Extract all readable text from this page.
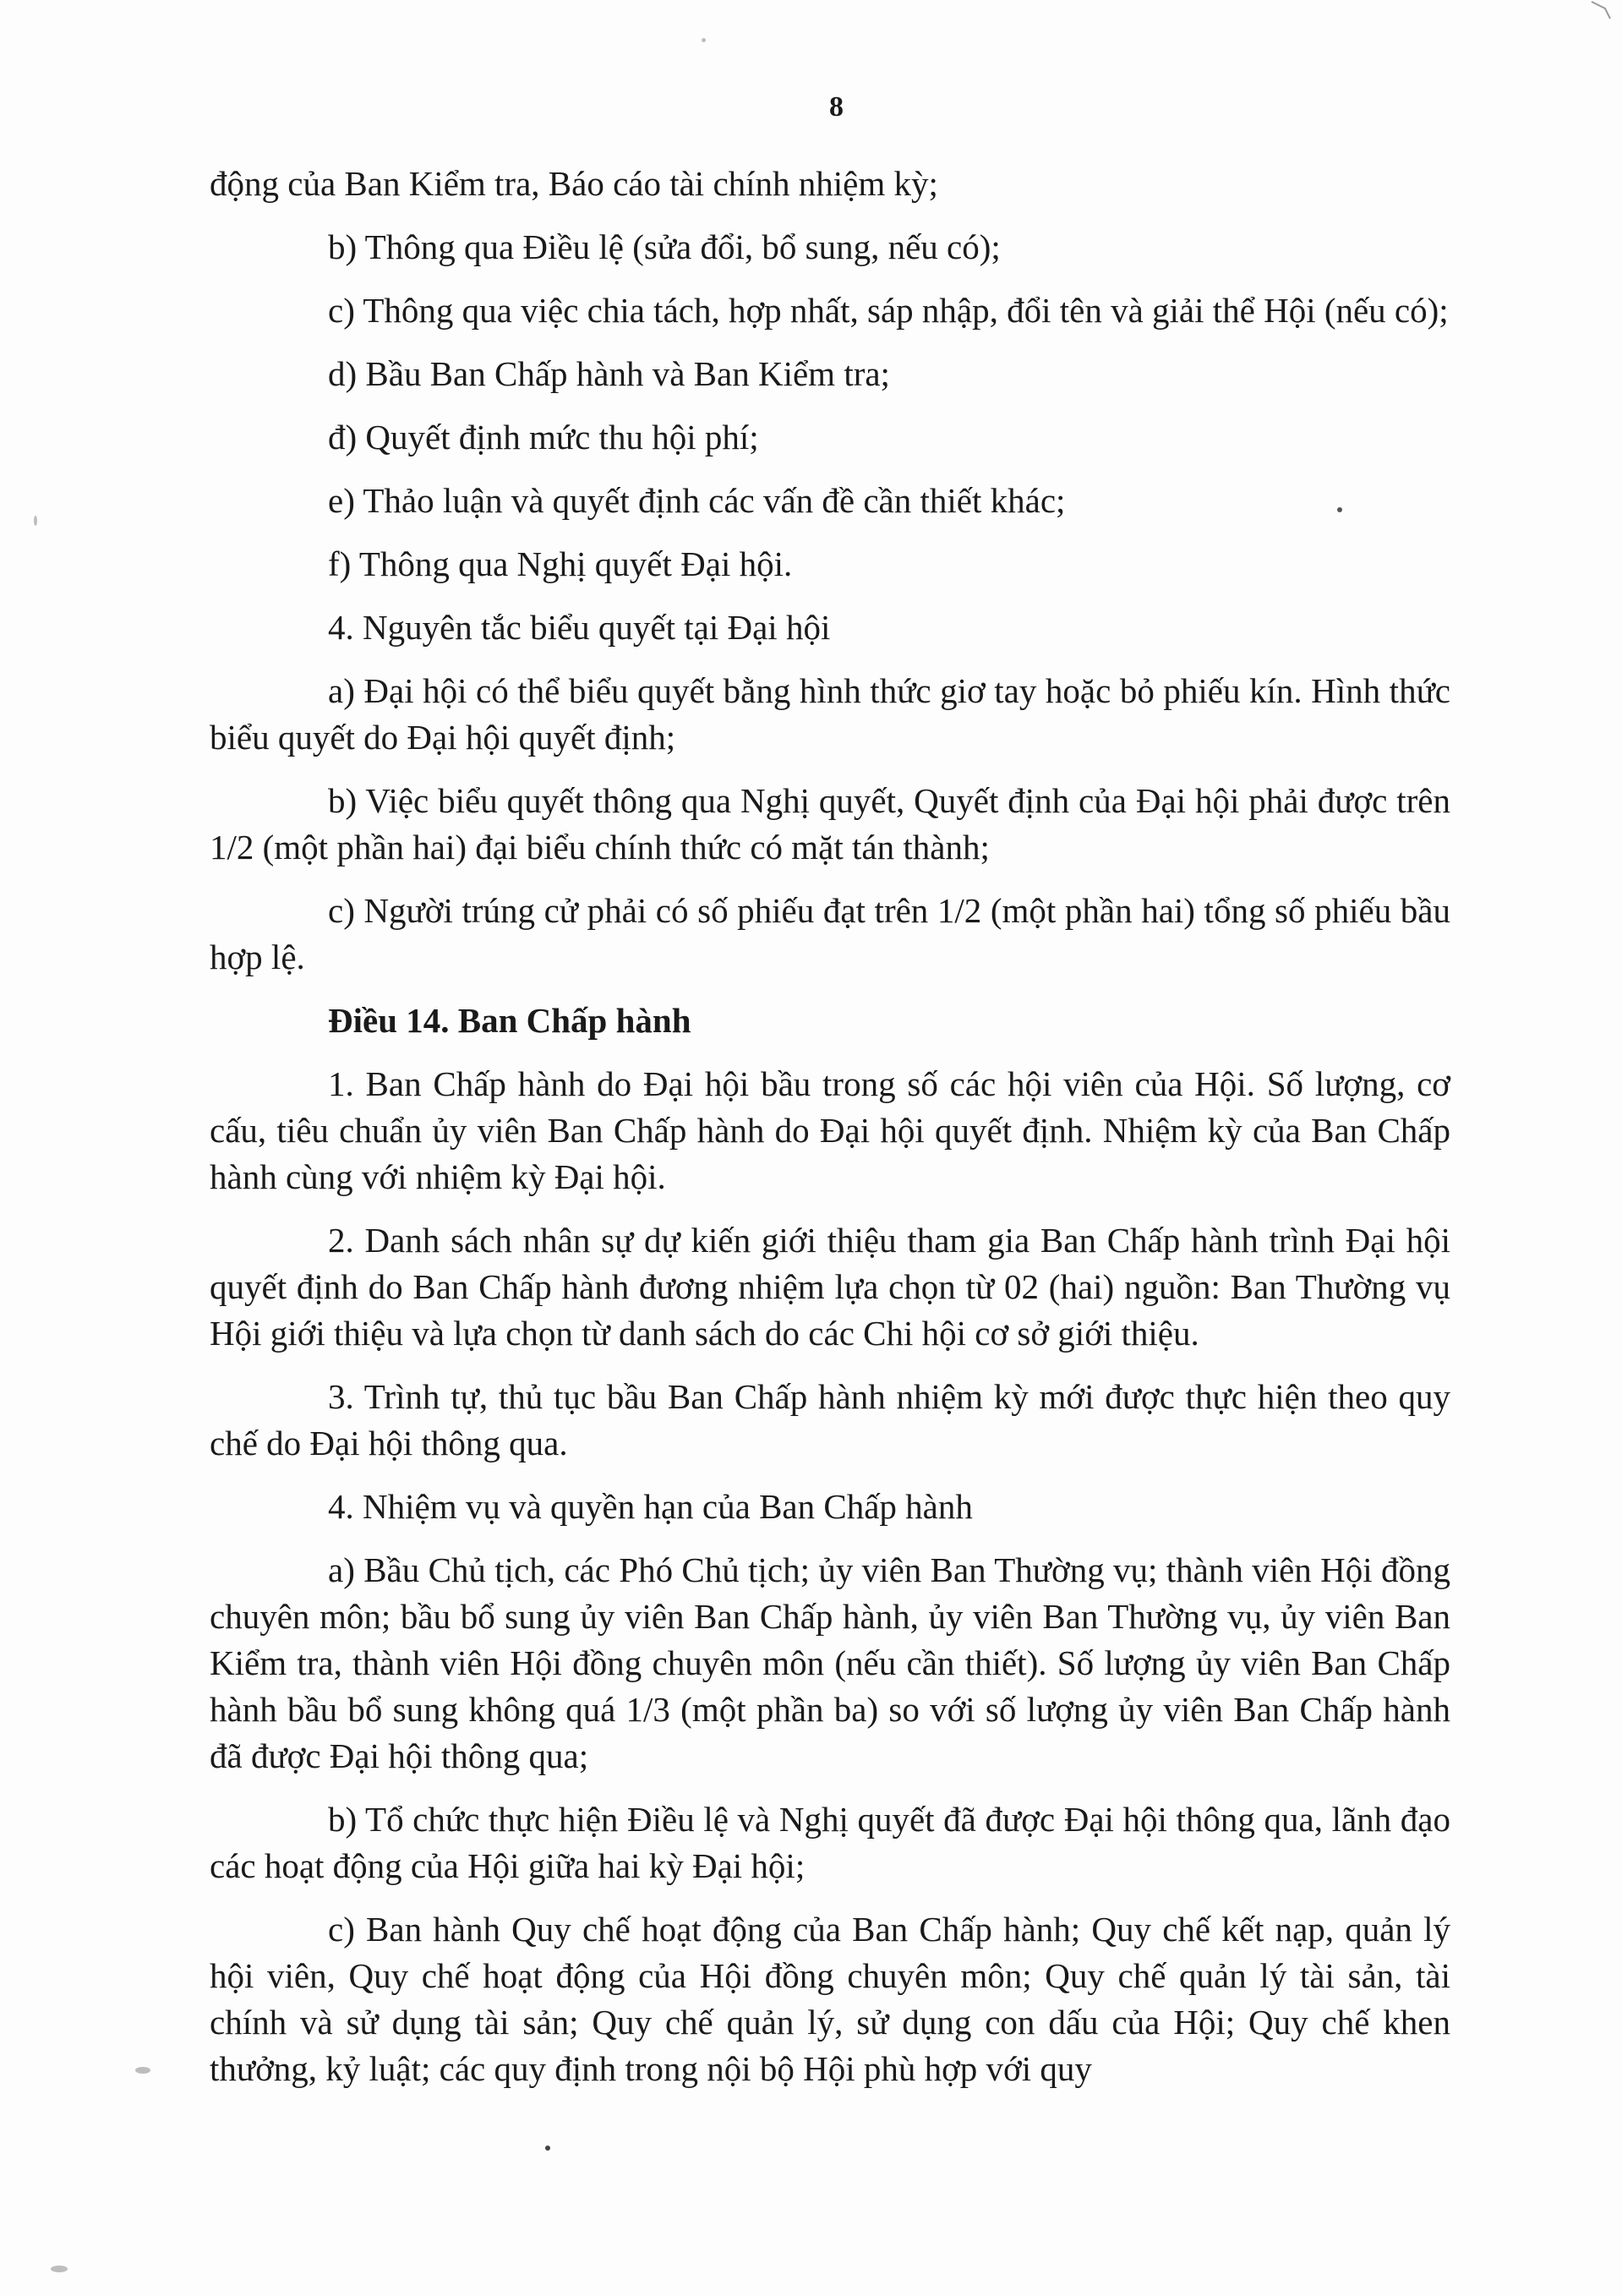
8

động của Ban Kiểm tra, Báo cáo tài chính nhiệm kỳ;

b) Thông qua Điều lệ (sửa đổi, bổ sung, nếu có);

c) Thông qua việc chia tách, hợp nhất, sáp nhập, đổi tên và giải thể Hội (nếu có);

d) Bầu Ban Chấp hành và Ban Kiểm tra;

đ) Quyết định mức thu hội phí;

e) Thảo luận và quyết định các vấn đề cần thiết khác;

f) Thông qua Nghị quyết Đại hội.

4. Nguyên tắc biểu quyết tại Đại hội

a) Đại hội có thể biểu quyết bằng hình thức giơ tay hoặc bỏ phiếu kín. Hình thức biểu quyết do Đại hội quyết định;

b) Việc biểu quyết thông qua Nghị quyết, Quyết định của Đại hội phải được trên 1/2 (một phần hai) đại biểu chính thức có mặt tán thành;

c) Người trúng cử phải có số phiếu đạt trên 1/2 (một phần hai) tổng số phiếu bầu hợp lệ.

Điều 14. Ban Chấp hành

1. Ban Chấp hành do Đại hội bầu trong số các hội viên của Hội. Số lượng, cơ cấu, tiêu chuẩn ủy viên Ban Chấp hành do Đại hội quyết định. Nhiệm kỳ của Ban Chấp hành cùng với nhiệm kỳ Đại hội.

2. Danh sách nhân sự dự kiến giới thiệu tham gia Ban Chấp hành trình Đại hội quyết định do Ban Chấp hành đương nhiệm lựa chọn từ 02 (hai) nguồn: Ban Thường vụ Hội giới thiệu và lựa chọn từ danh sách do các Chi hội cơ sở giới thiệu.

3. Trình tự, thủ tục bầu Ban Chấp hành nhiệm kỳ mới được thực hiện theo quy chế do Đại hội thông qua.

4. Nhiệm vụ và quyền hạn của Ban Chấp hành

a) Bầu Chủ tịch, các Phó Chủ tịch; ủy viên Ban Thường vụ; thành viên Hội đồng chuyên môn; bầu bổ sung ủy viên Ban Chấp hành, ủy viên Ban Thường vụ, ủy viên Ban Kiểm tra, thành viên Hội đồng chuyên môn (nếu cần thiết). Số lượng ủy viên Ban Chấp hành bầu bổ sung không quá 1/3 (một phần ba) so với số lượng ủy viên Ban Chấp hành đã được Đại hội thông qua;

b) Tổ chức thực hiện Điều lệ và Nghị quyết đã được Đại hội thông qua, lãnh đạo các hoạt động của Hội giữa hai kỳ Đại hội;

c) Ban hành Quy chế hoạt động của Ban Chấp hành; Quy chế kết nạp, quản lý hội viên, Quy chế hoạt động của Hội đồng chuyên môn; Quy chế quản lý tài sản, tài chính và sử dụng tài sản; Quy chế quản lý, sử dụng con dấu của Hội; Quy chế khen thưởng, kỷ luật; các quy định trong nội bộ Hội phù hợp với quy
